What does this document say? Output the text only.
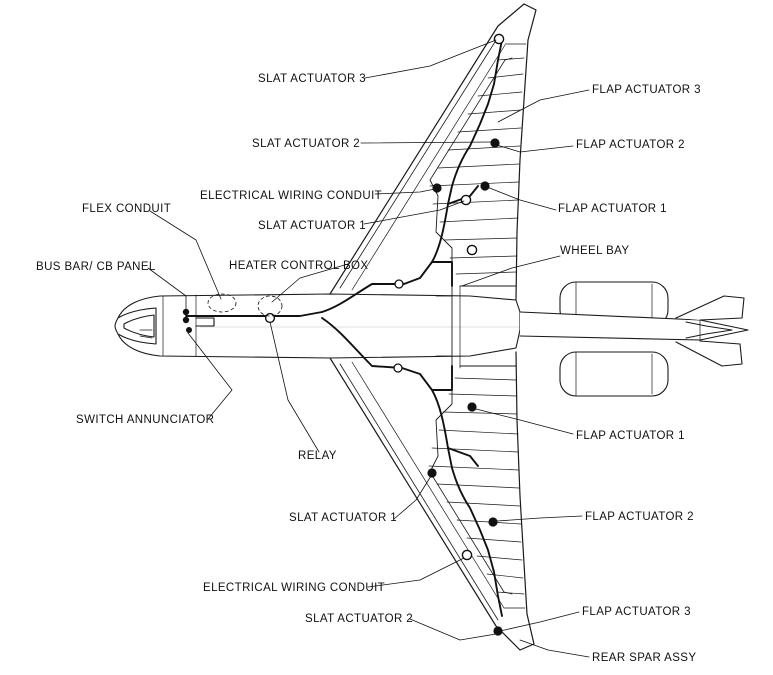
SLAT ACTUATOR 3
FLAP ACTUATOR 3
SLAT ACTUATOR 2	FLAP ACTUATOR 2
ELECTRICAL WIRING CONDUIT
FLAP ACTUATOR 1
FLEX CONDUIT
SLAT ACTUATOR 1
WHEEL BAY
HEATER CONTROL BOX
BUS BAR/ CB PANEL
SWITCH ANNUNCIATOR
FLAP ACTUATOR 1
RELAY
SLAT ACTUATOR 1	FLAP ACTUATOR 2
ELECTRICAL WIRING CONDUIT
FLAP ACTUATOR 3
SLAT ACTUATOR 2
REAR SPAR ASSY
